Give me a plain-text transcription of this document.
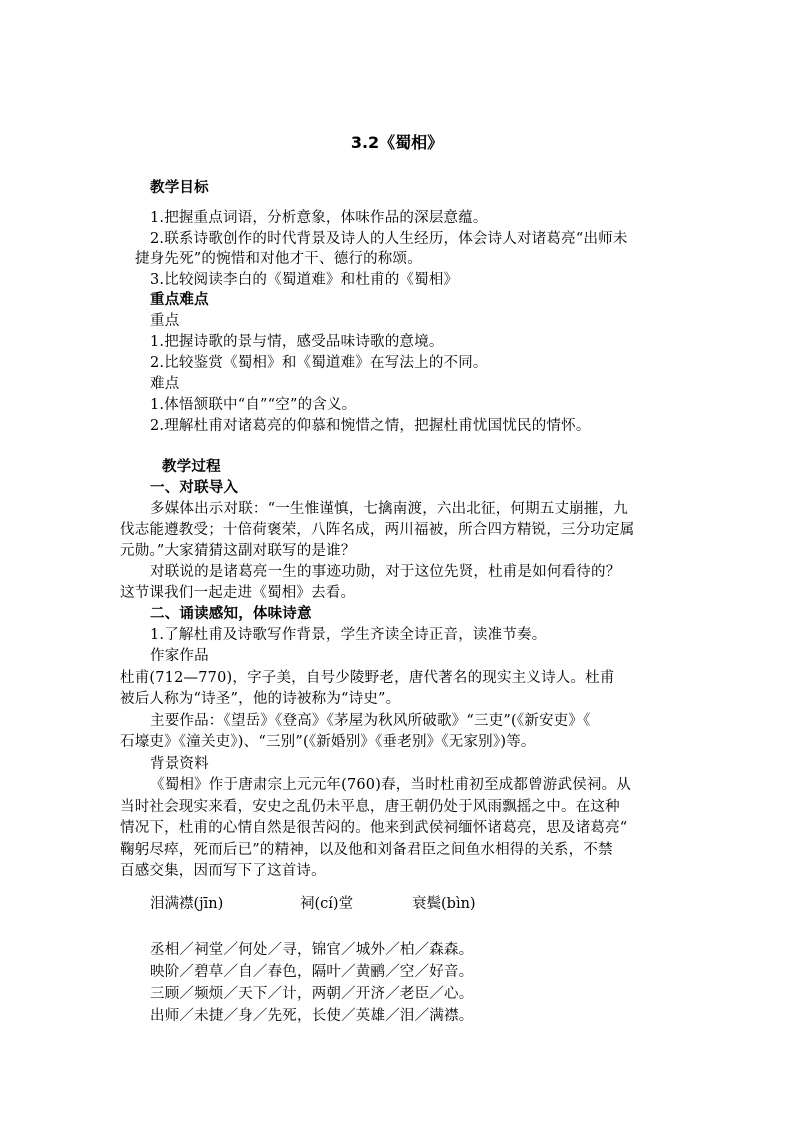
3.2《蜀相》
教学目标
1.把握重点词语，分析意象，体味作品的深层意蕴。
2.联系诗歌创作的时代背景及诗人的人生经历，体会诗人对诸葛亮“出师未
捷身先死”的惋惜和对他才干、德行的称颂。
3.比较阅读李白的《蜀道难》和杜甫的《蜀相》
重点难点
重点
1.把握诗歌的景与情，感受品味诗歌的意境。
2.比较鉴赏《蜀相》和《蜀道难》在写法上的不同。
难点
1.体悟颔联中“自”“空”的含义。
2.理解杜甫对诸葛亮的仰慕和惋惜之情，把握杜甫忧国忧民的情怀。
教学过程
一、对联导入
多媒体出示对联：“一生惟谨慎，七擒南渡，六出北征，何期五丈崩摧，九
伐志能遵教受；十倍荷褒荣，八阵名成，两川福被，所合四方精锐，三分功定属
元勋。”大家猜猜这副对联写的是谁？
对联说的是诸葛亮一生的事迹功勋，对于这位先贤，杜甫是如何看待的？
这节课我们一起走进《蜀相》去看。
二、诵读感知，体味诗意
1.了解杜甫及诗歌写作背景，学生齐读全诗正音，读准节奏。
作家作品
杜甫(712—770)，字子美，自号少陵野老，唐代著名的现实主义诗人。杜甫
被后人称为“诗圣”，他的诗被称为“诗史”。
主要作品：《望岳》《登高》《茅屋为秋风所破歌》“三吏”(《新安吏》《
石壕吏》《潼关吏》)、“三别”(《新婚别》《垂老别》《无家别》)等。
背景资料
《蜀相》作于唐肃宗上元元年(760)春，当时杜甫初至成都曾游武侯祠。从
当时社会现实来看，安史之乱仍未平息，唐王朝仍处于风雨飘摇之中。在这种
情况下，杜甫的心情自然是很苦闷的。他来到武侯祠缅怀诸葛亮，思及诸葛亮“
鞠躬尽瘁，死而后已”的精神，以及他和刘备君臣之间鱼水相得的关系，不禁
百感交集，因而写下了这首诗。
泪满襟(jīn)	祠(cí)堂	衰鬓(bìn)
丞相／祠堂／何处／寻，锦官／城外／柏／森森。
映阶／碧草／自／春色，隔叶／黄鹂／空／好音。
三顾／频烦／天下／计，两朝／开济／老臣／心。
出师／未捷／身／先死，长使／英雄／泪／满襟。
